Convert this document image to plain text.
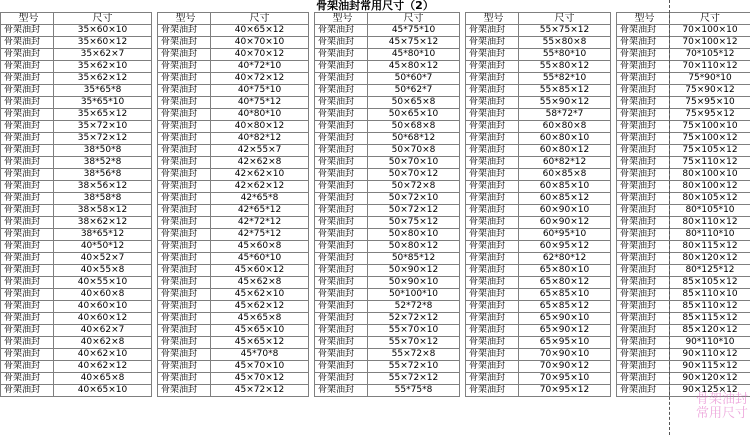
骨架油封常用尺寸（2）
型号	尺寸		型号	尺寸		型号	尺寸		型号	尺寸		型号	尺寸
骨架油封	35×60×10		骨架油封	40×65×12		骨架油封	45*75*10		骨架油封	55×75×12		骨架油封	70×100×10
骨架油封	35×60×12		骨架油封	40×70×10		骨架油封	45×75×12		骨架油封	55×80×8		骨架油封	70×100×12
骨架油封	35×62×7		骨架油封	40×70×12		骨架油封	45*80*10		骨架油封	55*80*10		骨架油封	70*105*12
骨架油封	35×62×10		骨架油封	40*72*10		骨架油封	45×80×12		骨架油封	55×80×12		骨架油封	70×110×12
骨架油封	35×62×12		骨架油封	40×72×12		骨架油封	50*60*7		骨架油封	55*82*10		骨架油封	75*90*10
骨架油封	35*65*8		骨架油封	40*75*10		骨架油封	50*62*7		骨架油封	55×85×12		骨架油封	75×90×12
骨架油封	35*65*10		骨架油封	40*75*12		骨架油封	50×65×8		骨架油封	55×90×12		骨架油封	75×95×10
骨架油封	35×65×12		骨架油封	40*80*10		骨架油封	50×65×10		骨架油封	58*72*7		骨架油封	75×95×12
骨架油封	35×72×10		骨架油封	40×80×12		骨架油封	50×68×8		骨架油封	60×80×8		骨架油封	75×100×10
骨架油封	35×72×12		骨架油封	40*82*12		骨架油封	50*68*12		骨架油封	60×80×10		骨架油封	75×100×12
骨架油封	38*50*8		骨架油封	42×55×7		骨架油封	50×70×8		骨架油封	60×80×12		骨架油封	75×105×12
骨架油封	38*52*8		骨架油封	42×62×8		骨架油封	50×70×10		骨架油封	60*82*12		骨架油封	75×110×12
骨架油封	38*56*8		骨架油封	42×62×10		骨架油封	50×70×12		骨架油封	60×85×8		骨架油封	80×100×10
骨架油封	38×56×12		骨架油封	42×62×12		骨架油封	50×72×8		骨架油封	60×85×10		骨架油封	80×100×12
骨架油封	38*58*8		骨架油封	42*65*8		骨架油封	50×72×10		骨架油封	60×85×12		骨架油封	80×105×12
骨架油封	38×58×12		骨架油封	42*65*12		骨架油封	50×72×12		骨架油封	60×90×10		骨架油封	80*105*10
骨架油封	38×62×12		骨架油封	42*72*12		骨架油封	50×75×12		骨架油封	60×90×12		骨架油封	80×110×12
骨架油封	38*65*12		骨架油封	42*75*12		骨架油封	50×80×10		骨架油封	60*95*10		骨架油封	80*110*10
骨架油封	40*50*12		骨架油封	45×60×8		骨架油封	50×80×12		骨架油封	60×95×12		骨架油封	80×115×12
骨架油封	40×52×7		骨架油封	45*60*10		骨架油封	50*85*12		骨架油封	62*80*12		骨架油封	80×120×12
骨架油封	40×55×8		骨架油封	45×60×12		骨架油封	50×90×12		骨架油封	65×80×10		骨架油封	80*125*12
骨架油封	40×55×10		骨架油封	45×62×8		骨架油封	50×90×10		骨架油封	65×80×12		骨架油封	85×105×12
骨架油封	40×60×8		骨架油封	45×62×10		骨架油封	50*100*10		骨架油封	65×85×10		骨架油封	85×110×10
骨架油封	40×60×10		骨架油封	45×62×12		骨架油封	52*72*8		骨架油封	65×85×12		骨架油封	85×110×12
骨架油封	40×60×12		骨架油封	45×65×8		骨架油封	52×72×12		骨架油封	65×90×10		骨架油封	85×115×12
骨架油封	40×62×7		骨架油封	45×65×10		骨架油封	55×70×10		骨架油封	65×90×12		骨架油封	85×120×12
骨架油封	40×62×8		骨架油封	45×65×12		骨架油封	55×70×12		骨架油封	65×95×10		骨架油封	90*110*10
骨架油封	40×62×10		骨架油封	45*70*8		骨架油封	55×72×8		骨架油封	70×90×10		骨架油封	90×110×12
骨架油封	40×62×12		骨架油封	45×70×10		骨架油封	55×72×10		骨架油封	70×90×12		骨架油封	90×115×12
骨架油封	40×65×8		骨架油封	45×70×12		骨架油封	55×72×12		骨架油封	70×95×10		骨架油封	90×120×12
骨架油封	40×65×10		骨架油封	45×72×12		骨架油封	55*75*8		骨架油封	70×95×12		骨架油封	90×125×12
骨架油封
常用尺寸
